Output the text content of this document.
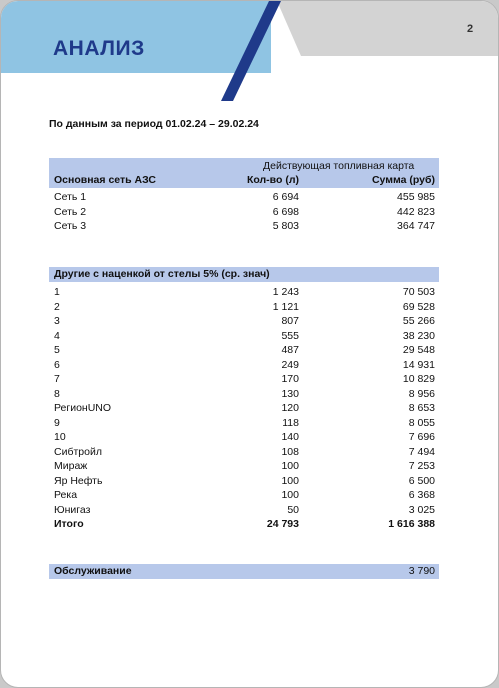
АНАЛИЗ
2
По данным за период 01.02.24 – 29.02.24
Действующая топливная карта
Основная сеть АЗС	Кол-во (л)	Сумма (руб)
Сеть 1	6 694	455 985
Сеть 2	6 698	442 823
Сеть 3	5 803	364 747
Другие с наценкой от стелы 5% (ср. знач)
1	1 243	70 503
2	1 121	69 528
3	807	55 266
4	555	38 230
5	487	29 548
6	249	14 931
7	170	10 829
8	130	8 956
РегионUNO	120	8 653
9	118	8 055
10	140	7 696
Сибтройл	108	7 494
Мираж	100	7 253
Яр Нефть	100	6 500
Река	100	6 368
Юнигаз	50	3 025
Итого	24 793	1 616 388
Обслуживание	3 790
